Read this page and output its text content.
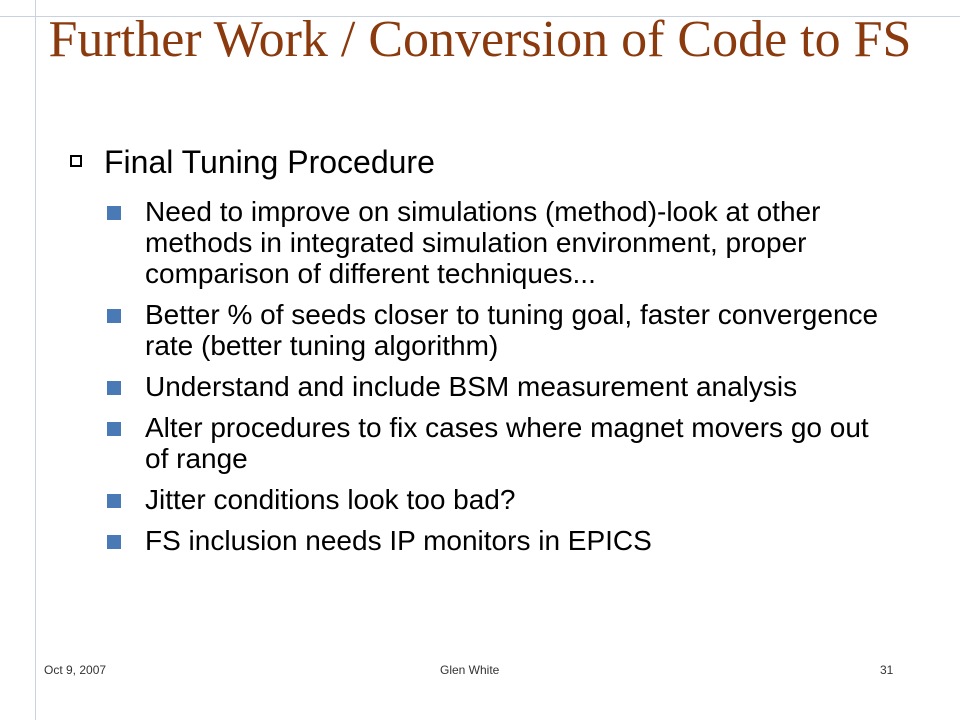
Further Work / Conversion of Code to FS
Final Tuning Procedure
Need to improve on simulations (method)-look at other methods in integrated simulation environment, proper comparison of different techniques...
Better % of seeds closer to tuning goal, faster convergence rate (better tuning algorithm)
Understand and include BSM measurement analysis
Alter procedures to fix cases where magnet movers go out of range
Jitter conditions look too bad?
FS inclusion needs IP monitors in EPICS
Oct 9, 2007	Glen White	31
